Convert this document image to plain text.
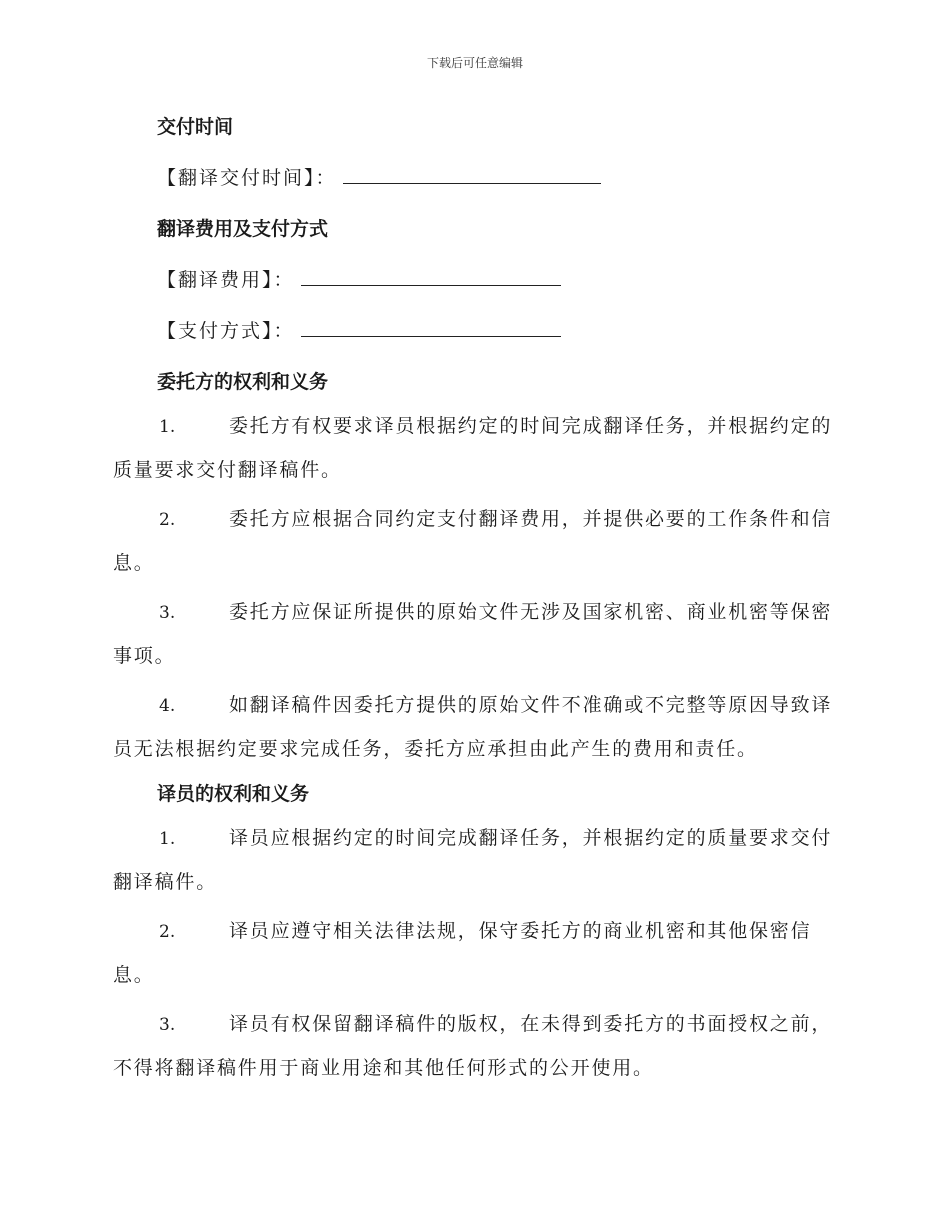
下载后可任意编辑
交付时间
【翻译交付时间】：
翻译费用及支付方式
【翻译费用】：
【支付方式】：
委托方的权利和义务
1.	委托方有权要求译员根据约定的时间完成翻译任务，并根据约定的质量要求交付翻译稿件。
2.	委托方应根据合同约定支付翻译费用，并提供必要的工作条件和信息。
3.	委托方应保证所提供的原始文件无涉及国家机密、商业机密等保密事项。
4.	如翻译稿件因委托方提供的原始文件不准确或不完整等原因导致译员无法根据约定要求完成任务，委托方应承担由此产生的费用和责任。
译员的权利和义务
1.	译员应根据约定的时间完成翻译任务，并根据约定的质量要求交付翻译稿件。
2.	译员应遵守相关法律法规，保守委托方的商业机密和其他保密信息。
3.	译员有权保留翻译稿件的版权，在未得到委托方的书面授权之前，不得将翻译稿件用于商业用途和其他任何形式的公开使用。
